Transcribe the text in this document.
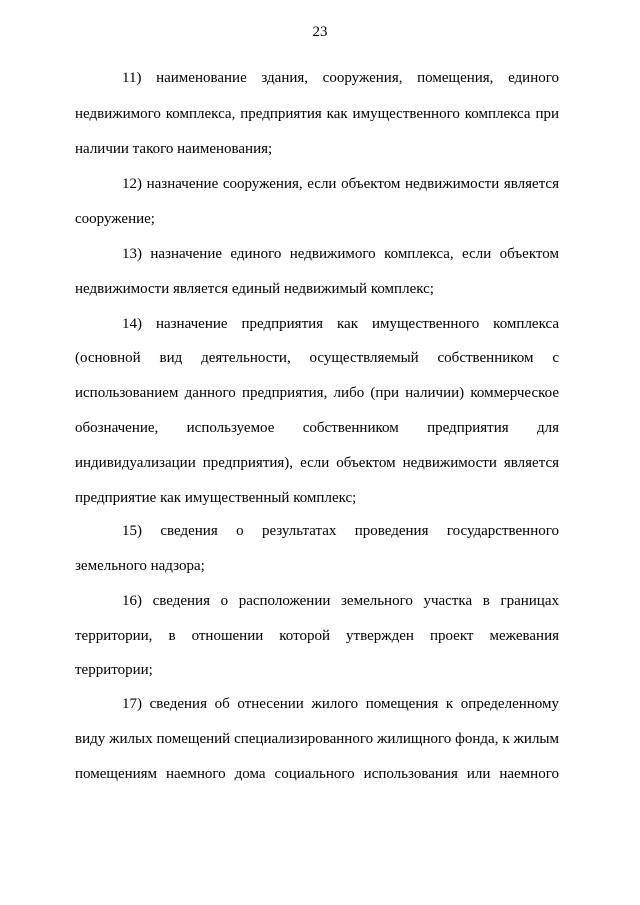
23
11) наименование здания, сооружения, помещения, единого
недвижимого комплекса, предприятия как имущественного комплекса при
наличии такого наименования;
12) назначение сооружения, если объектом недвижимости является
сооружение;
13) назначение единого недвижимого комплекса, если объектом
недвижимости является единый недвижимый комплекс;
14) назначение предприятия как имущественного комплекса
(основной вид деятельности, осуществляемый собственником с
использованием данного предприятия, либо (при наличии) коммерческое
обозначение, используемое собственником предприятия для
индивидуализации предприятия), если объектом недвижимости является
предприятие как имущественный комплекс;
15) сведения о результатах проведения государственного
земельного надзора;
16) сведения о расположении земельного участка в границах
территории, в отношении которой утвержден проект межевания
территории;
17) сведения об отнесении жилого помещения к определенному
виду жилых помещений специализированного жилищного фонда, к жилым
помещениям наемного дома социального использования или наемного
